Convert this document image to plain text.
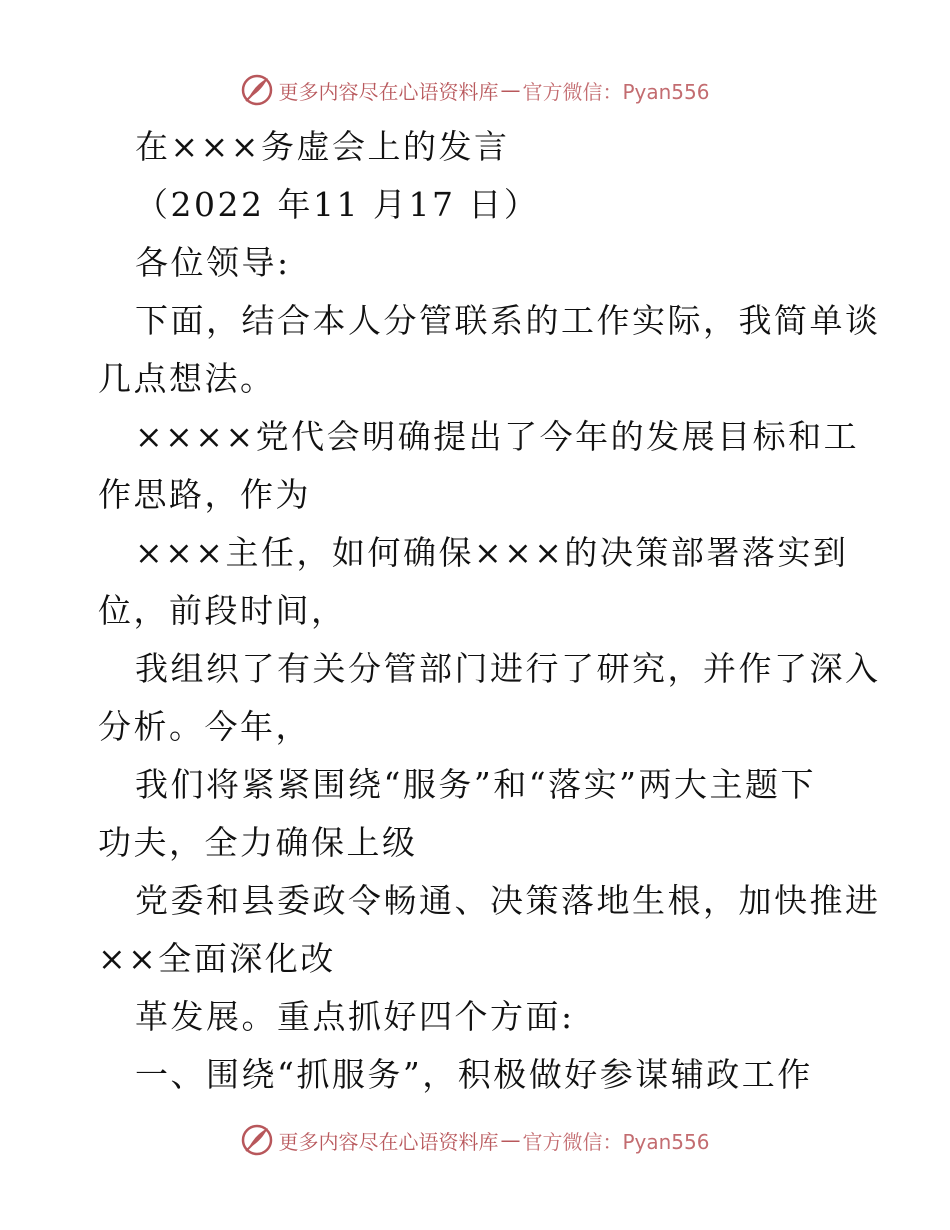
更多内容尽在心语资料库 — 官方微信：Pyan556
在×××务虚会上的发言
（2022 年11 月17 日）
各位领导:
下面，结合本人分管联系的工作实际，我简单谈
几点想法。
××××党代会明确提出了今年的发展目标和工
作思路，作为
×××主任，如何确保×××的决策部署落实到
位，前段时间，
我组织了有关分管部门进行了研究，并作了深入
分析。今年，
我们将紧紧围绕“服务”和“落实”两大主题下
功夫，全力确保上级
党委和县委政令畅通、决策落地生根，加快推进
××全面深化改
革发展。重点抓好四个方面:
一、围绕“抓服务”，积极做好参谋辅政工作
更多内容尽在心语资料库 — 官方微信：Pyan556
